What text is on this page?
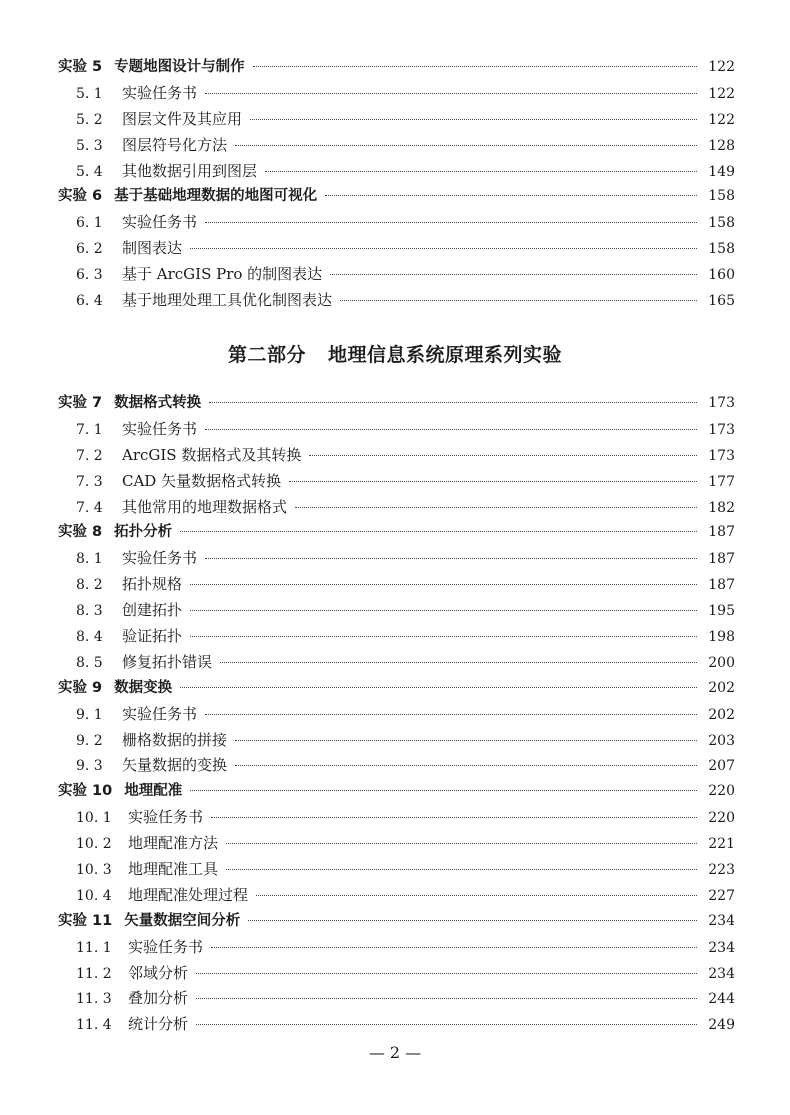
实验 5 专题地图设计与制作	122
5. 1	实验任务书	122
5. 2	图层文件及其应用	122
5. 3	图层符号化方法	128
5. 4	其他数据引用到图层	149
实验 6 基于基础地理数据的地图可视化	158
6. 1	实验任务书	158
6. 2	制图表达	158
6. 3	基于 ArcGIS Pro 的制图表达	160
6. 4	基于地理处理工具优化制图表达	165
第二部分 地理信息系统原理系列实验
实验 7 数据格式转换	173
7. 1	实验任务书	173
7. 2	ArcGIS 数据格式及其转换	173
7. 3	CAD 矢量数据格式转换	177
7. 4	其他常用的地理数据格式	182
实验 8 拓扑分析	187
8. 1	实验任务书	187
8. 2	拓扑规格	187
8. 3	创建拓扑	195
8. 4	验证拓扑	198
8. 5	修复拓扑错误	200
实验 9 数据变换	202
9. 1	实验任务书	202
9. 2	栅格数据的拼接	203
9. 3	矢量数据的变换	207
实验 10 地理配准	220
10. 1	实验任务书	220
10. 2	地理配准方法	221
10. 3	地理配准工具	223
10. 4	地理配准处理过程	227
实验 11 矢量数据空间分析	234
11. 1	实验任务书	234
11. 2	邻域分析	234
11. 3	叠加分析	244
11. 4	统计分析	249
— 2 —
